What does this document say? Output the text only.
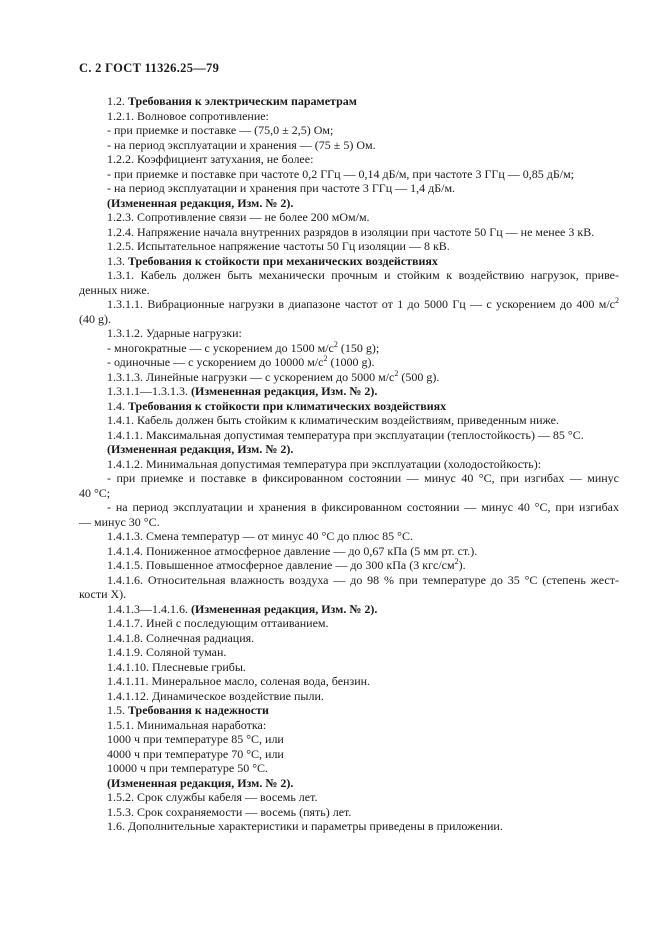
С. 2 ГОСТ 11326.25—79
1.2. Требования к электрическим параметрам
1.2.1. Волновое сопротивление:
- при приемке и поставке — (75,0 ± 2,5) Ом;
- на период эксплуатации и хранения — (75 ± 5) Ом.
1.2.2. Коэффициент затухания, не более:
- при приемке и поставке при частоте 0,2 ГГц — 0,14 дБ/м, при частоте 3 ГГц — 0,85 дБ/м;
- на период эксплуатации и хранения при частоте 3 ГГц — 1,4 дБ/м.
(Измененная редакция, Изм. № 2).
1.2.3. Сопротивление связи — не более 200 мОм/м.
1.2.4. Напряжение начала внутренних разрядов в изоляции при частоте 50 Гц — не менее 3 кВ.
1.2.5. Испытательное напряжение частоты 50 Гц изоляции — 8 кВ.
1.3. Требования к стойкости при механических воздействиях
1.3.1. Кабель должен быть механически прочным и стойким к воздействию нагрузок, приве-
денных ниже.
1.3.1.1. Вибрационные нагрузки в диапазоне частот от 1 до 5000 Гц — с ускорением до 400 $м/с^2$
(40 g).
1.3.1.2. Ударные нагрузки:
- многократные — с ускорением до 1500 $м/с^2$ (150 g);
- одиночные — с ускорением до 10000 $м/с^2$ (1000 g).
1.3.1.3. Линейные нагрузки — с ускорением до 5000 $м/с^2$ (500 g).
1.3.1.1—1.3.1.3. (Измененная редакция, Изм. № 2).
1.4. Требования к стойкости при климатических воздействиях
1.4.1. Кабель должен быть стойким к климатическим воздействиям, приведенным ниже.
1.4.1.1. Максимальная допустимая температура при эксплуатации (теплостойкость) — 85 °С.
(Измененная редакция, Изм. № 2).
1.4.1.2. Минимальная допустимая температура при эксплуатации (холодостойкость):
- при приемке и поставке в фиксированном состоянии — минус 40 °С, при изгибах — минус
40 °С;
- на период эксплуатации и хранения в фиксированном состоянии — минус 40 °С, при изгибах
— минус 30 °С.
1.4.1.3. Смена температур — от минус 40 °С до плюс 85 °С.
1.4.1.4. Пониженное атмосферное давление — до 0,67 кПа (5 мм рт. ст.).
1.4.1.5. Повышенное атмосферное давление — до 300 кПа (3 кгс/$см^2$).
1.4.1.6. Относительная влажность воздуха — до 98 % при температуре до 35 °С (степень жест-
кости X).
1.4.1.3—1.4.1.6. (Измененная редакция, Изм. № 2).
1.4.1.7. Иней с последующим оттаиванием.
1.4.1.8. Солнечная радиация.
1.4.1.9. Соляной туман.
1.4.1.10. Плесневые грибы.
1.4.1.11. Минеральное масло, соленая вода, бензин.
1.4.1.12. Динамическое воздействие пыли.
1.5. Требования к надежности
1.5.1. Минимальная наработка:
1000 ч при температуре 85 °С, или
4000 ч при температуре 70 °С, или
10000 ч при температуре 50 °С.
(Измененная редакция, Изм. № 2).
1.5.2. Срок службы кабеля — восемь лет.
1.5.3. Срок сохраняемости — восемь (пять) лет.
1.6. Дополнительные характеристики и параметры приведены в приложении.
